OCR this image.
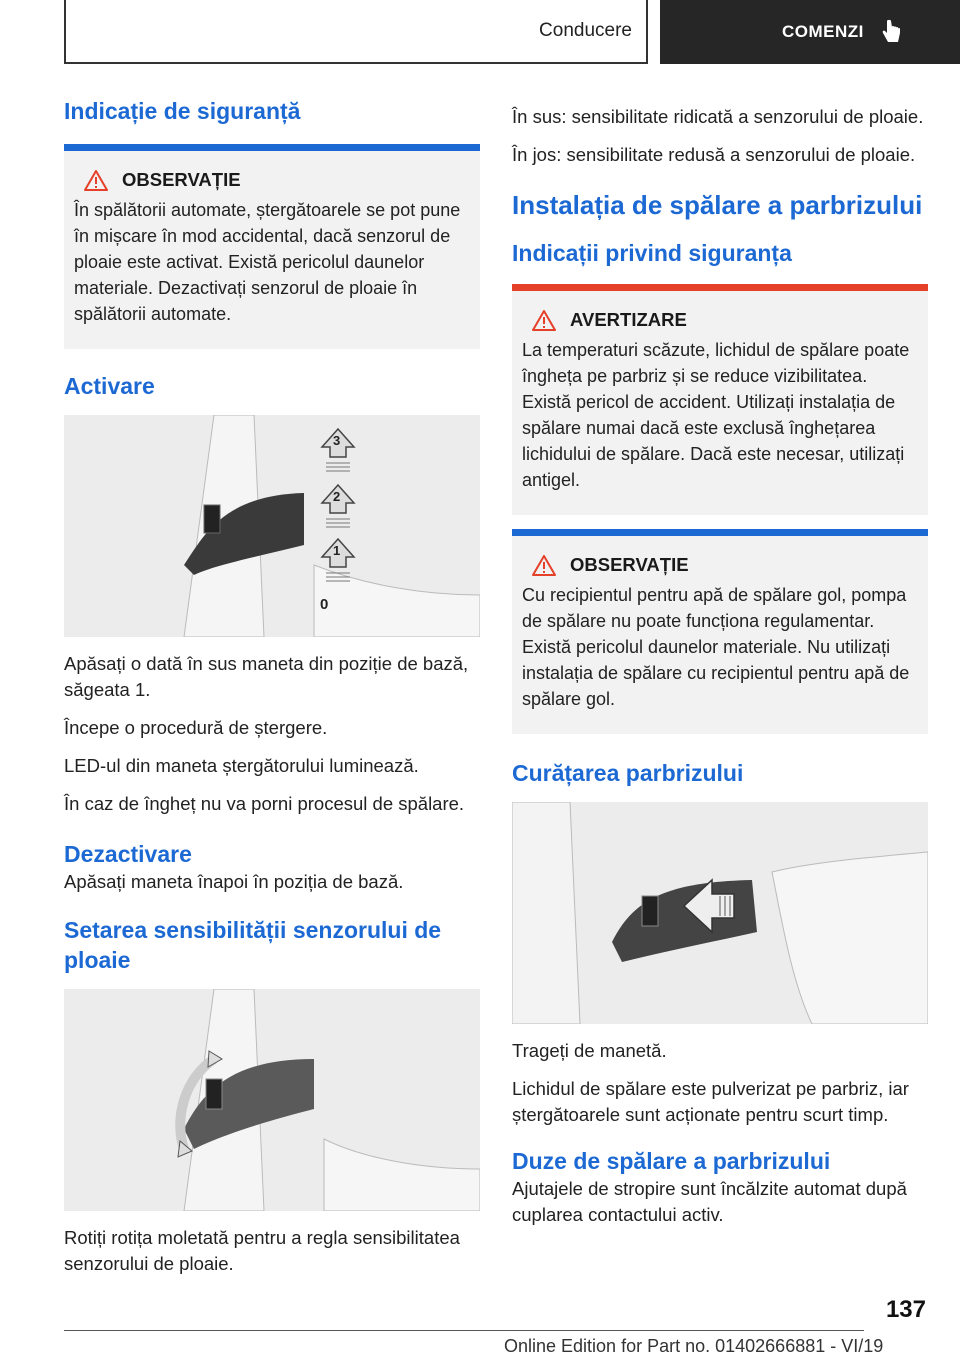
Conducere	COMENZI
Indicație de siguranță
OBSERVAȚIE
În spălătorii automate, ștergătoarele se pot pune în mișcare în mod accidental, dacă senzorul de ploaie este activat. Există pericolul daunelor materiale. Dezactivați senzorul de ploaie în spălătorii automate.
Activare
3
2
1
0

Apăsați o dată în sus maneta din poziție de bază, săgeata 1.

Începe o procedură de ștergere.

LED-ul din maneta ștergătorului luminează.

În caz de îngheț nu va porni procesul de spălare.

Dezactivare

Apăsați maneta înapoi în poziția de bază.

Setarea sensibilității senzorului de ploaie

Rotiți rotița moletată pentru a regla sensibilitatea senzorului de ploaie.

În sus: sensibilitate ridicată a senzorului de ploaie.

În jos: sensibilitate redusă a senzorului de ploaie.

Instalația de spălare a parbrizului
Indicații privind siguranța
AVERTIZARE
La temperaturi scăzute, lichidul de spălare poate îngheța pe parbriz și se reduce vizibilitatea. Există pericol de accident. Utilizați instalația de spălare numai dacă este exclusă înghețarea lichidului de spălare. Dacă este necesar, utilizați antigel.
OBSERVAȚIE
Cu recipientul pentru apă de spălare gol, pompa de spălare nu poate funcționa regulamentar. Există pericolul daunelor materiale. Nu utilizați instalația de spălare cu recipientul pentru apă de spălare gol.
Curățarea parbrizului

Trageți de manetă.

Lichidul de spălare este pulverizat pe parbriz, iar ștergătoarele sunt acționate pentru scurt timp.

Duze de spălare a parbrizului

Ajutajele de stropire sunt încălzite automat după cuplarea contactului activ.

137
Online Edition for Part no. 01402666881 - VI/19
